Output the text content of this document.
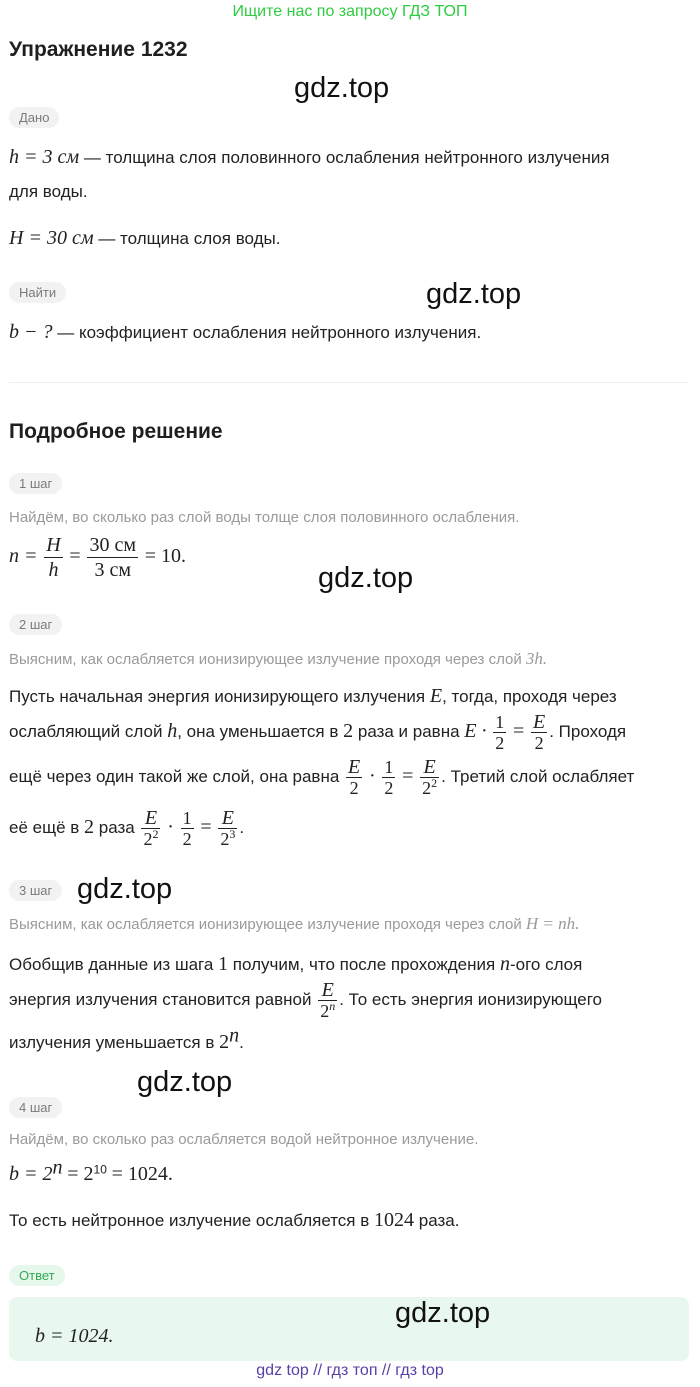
Ищите нас по запросу ГДЗ ТОП
Упражнение 1232
gdz.top
Дано
h = 3 см — толщина слоя половинного ослабления нейтронного излучения
для воды.
H = 30 см — толщина слоя воды.
Найти	gdz.top
b − ? — коэффициент ослабления нейтронного излучения.
Подробное решение
1 шаг
Найдём, во сколько раз слой воды толще слоя половинного ослабления.
$n = \frac{H}{h} = \frac{30 см}{3 см} = 10$.
gdz.top
2 шаг
Выясним, как ослабляется ионизирующее излучение проходя через слой 3h.
Пусть начальная энергия ионизирующего излучения E, тогда, проходя через
ослабляющий слой h, она уменьшается в 2 раза и равна $E \cdot \frac{1}{2} = \frac{E}{2}$ . Проходя
ещё через один такой же слой, она равна $\frac{E}{2} \cdot \frac{1}{2} = \frac{E}{2^2}$ . Третий слой ослабляет
её ещё в 2 раза $\frac{E}{2^2} \cdot \frac{1}{2} = \frac{E}{2^3}$ .
3 шаг gdz.top
Выясним, как ослабляется ионизирующее излучение проходя через слой H = nh.
Обобщив данные из шага 1 получим, что после прохождения n-ого слоя
энергия излучения становится равной $\frac{E}{2^n}$ . То есть энергия ионизирующего
излучения уменьшается в 2$^n$.
gdz.top
4 шаг
Найдём, во сколько раз ослабляется водой нейтронное излучение.
$b = 2^n = 2^{10} = 1024$.
То есть нейтронное излучение ослабляется в 1024 раза.
Ответ
b = 1024.
gdz.top
gdz top // гдз топ // гдз top
